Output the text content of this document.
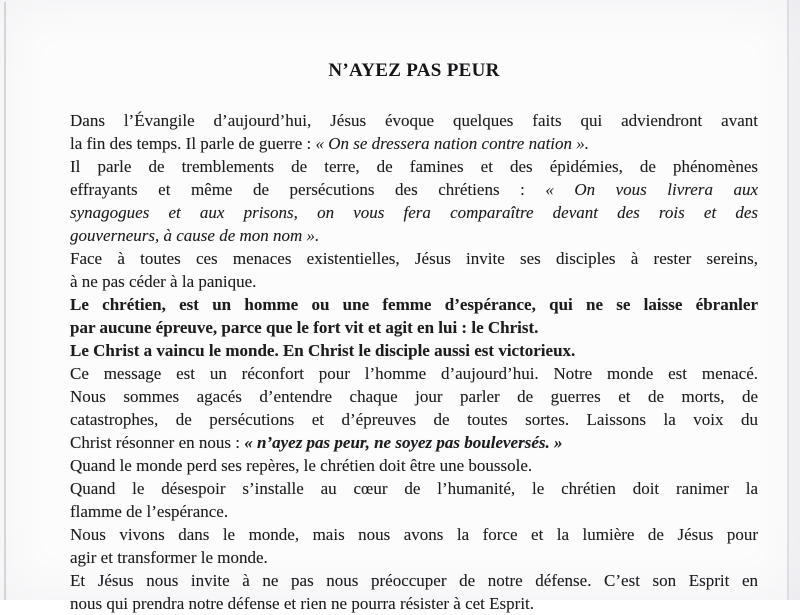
N’AYEZ PAS PEUR
Dans l’Évangile d’aujourd’hui, Jésus évoque quelques faits qui adviendront avant
la fin des temps. Il parle de guerre : « On se dressera nation contre nation ».
Il parle de tremblements de terre, de famines et des épidémies, de phénomènes
effrayants et même de persécutions des chrétiens : « On vous livrera aux
synagogues et aux prisons, on vous fera comparaître devant des rois et des
gouverneurs, à cause de mon nom ».
Face à toutes ces menaces existentielles, Jésus invite ses disciples à rester sereins,
à ne pas céder à la panique.
Le chrétien, est un homme ou une femme d’espérance, qui ne se laisse ébranler
par aucune épreuve, parce que le fort vit et agit en lui : le Christ.
Le Christ a vaincu le monde. En Christ le disciple aussi est victorieux.
Ce message est un réconfort pour l’homme d’aujourd’hui. Notre monde est menacé.
Nous sommes agacés d’entendre chaque jour parler de guerres et de morts, de
catastrophes, de persécutions et d’épreuves de toutes sortes. Laissons la voix du
Christ résonner en nous : « n’ayez pas peur, ne soyez pas bouleversés. »
Quand le monde perd ses repères, le chrétien doit être une boussole.
Quand le désespoir s’installe au cœur de l’humanité, le chrétien doit ranimer la
flamme de l’espérance.
Nous vivons dans le monde, mais nous avons la force et la lumière de Jésus pour
agir et transformer le monde.
Et Jésus nous invite à ne pas nous préoccuper de notre défense. C’est son Esprit en
nous qui prendra notre défense et rien ne pourra résister à cet Esprit.
